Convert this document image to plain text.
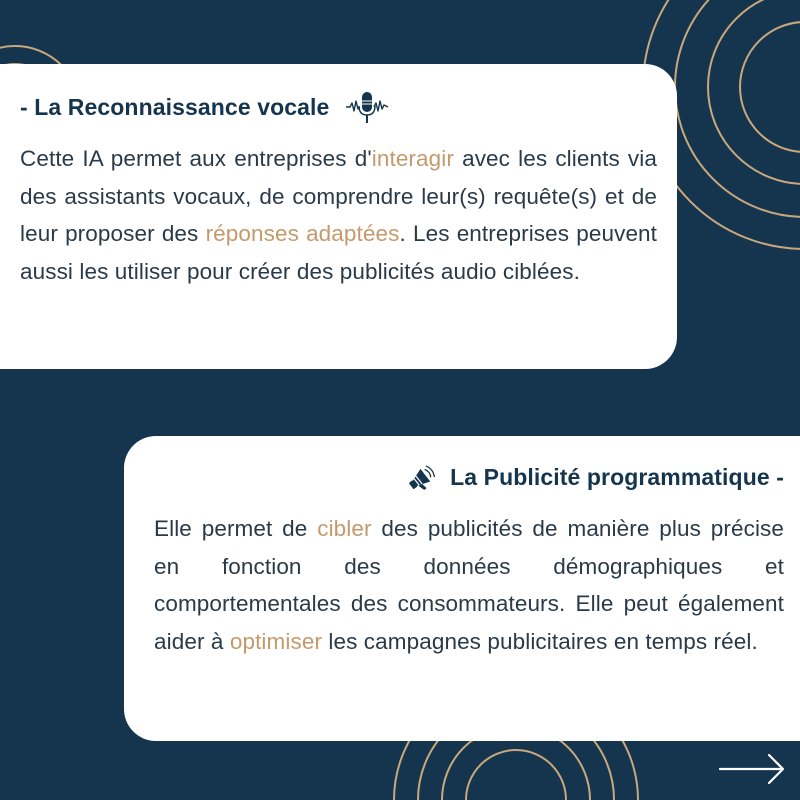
- La Reconnaissance vocale
Cette IA permet aux entreprises d'interagir avec les clients via des assistants vocaux, de comprendre leur(s) requête(s) et de leur proposer des réponses adaptées. Les entreprises peuvent aussi les utiliser pour créer des publicités audio ciblées.
La Publicité programmatique -
Elle permet de cibler des publicités de manière plus précise en fonction des données démographiques et comportementales des consommateurs. Elle peut également aider à optimiser les campagnes publicitaires en temps réel.
